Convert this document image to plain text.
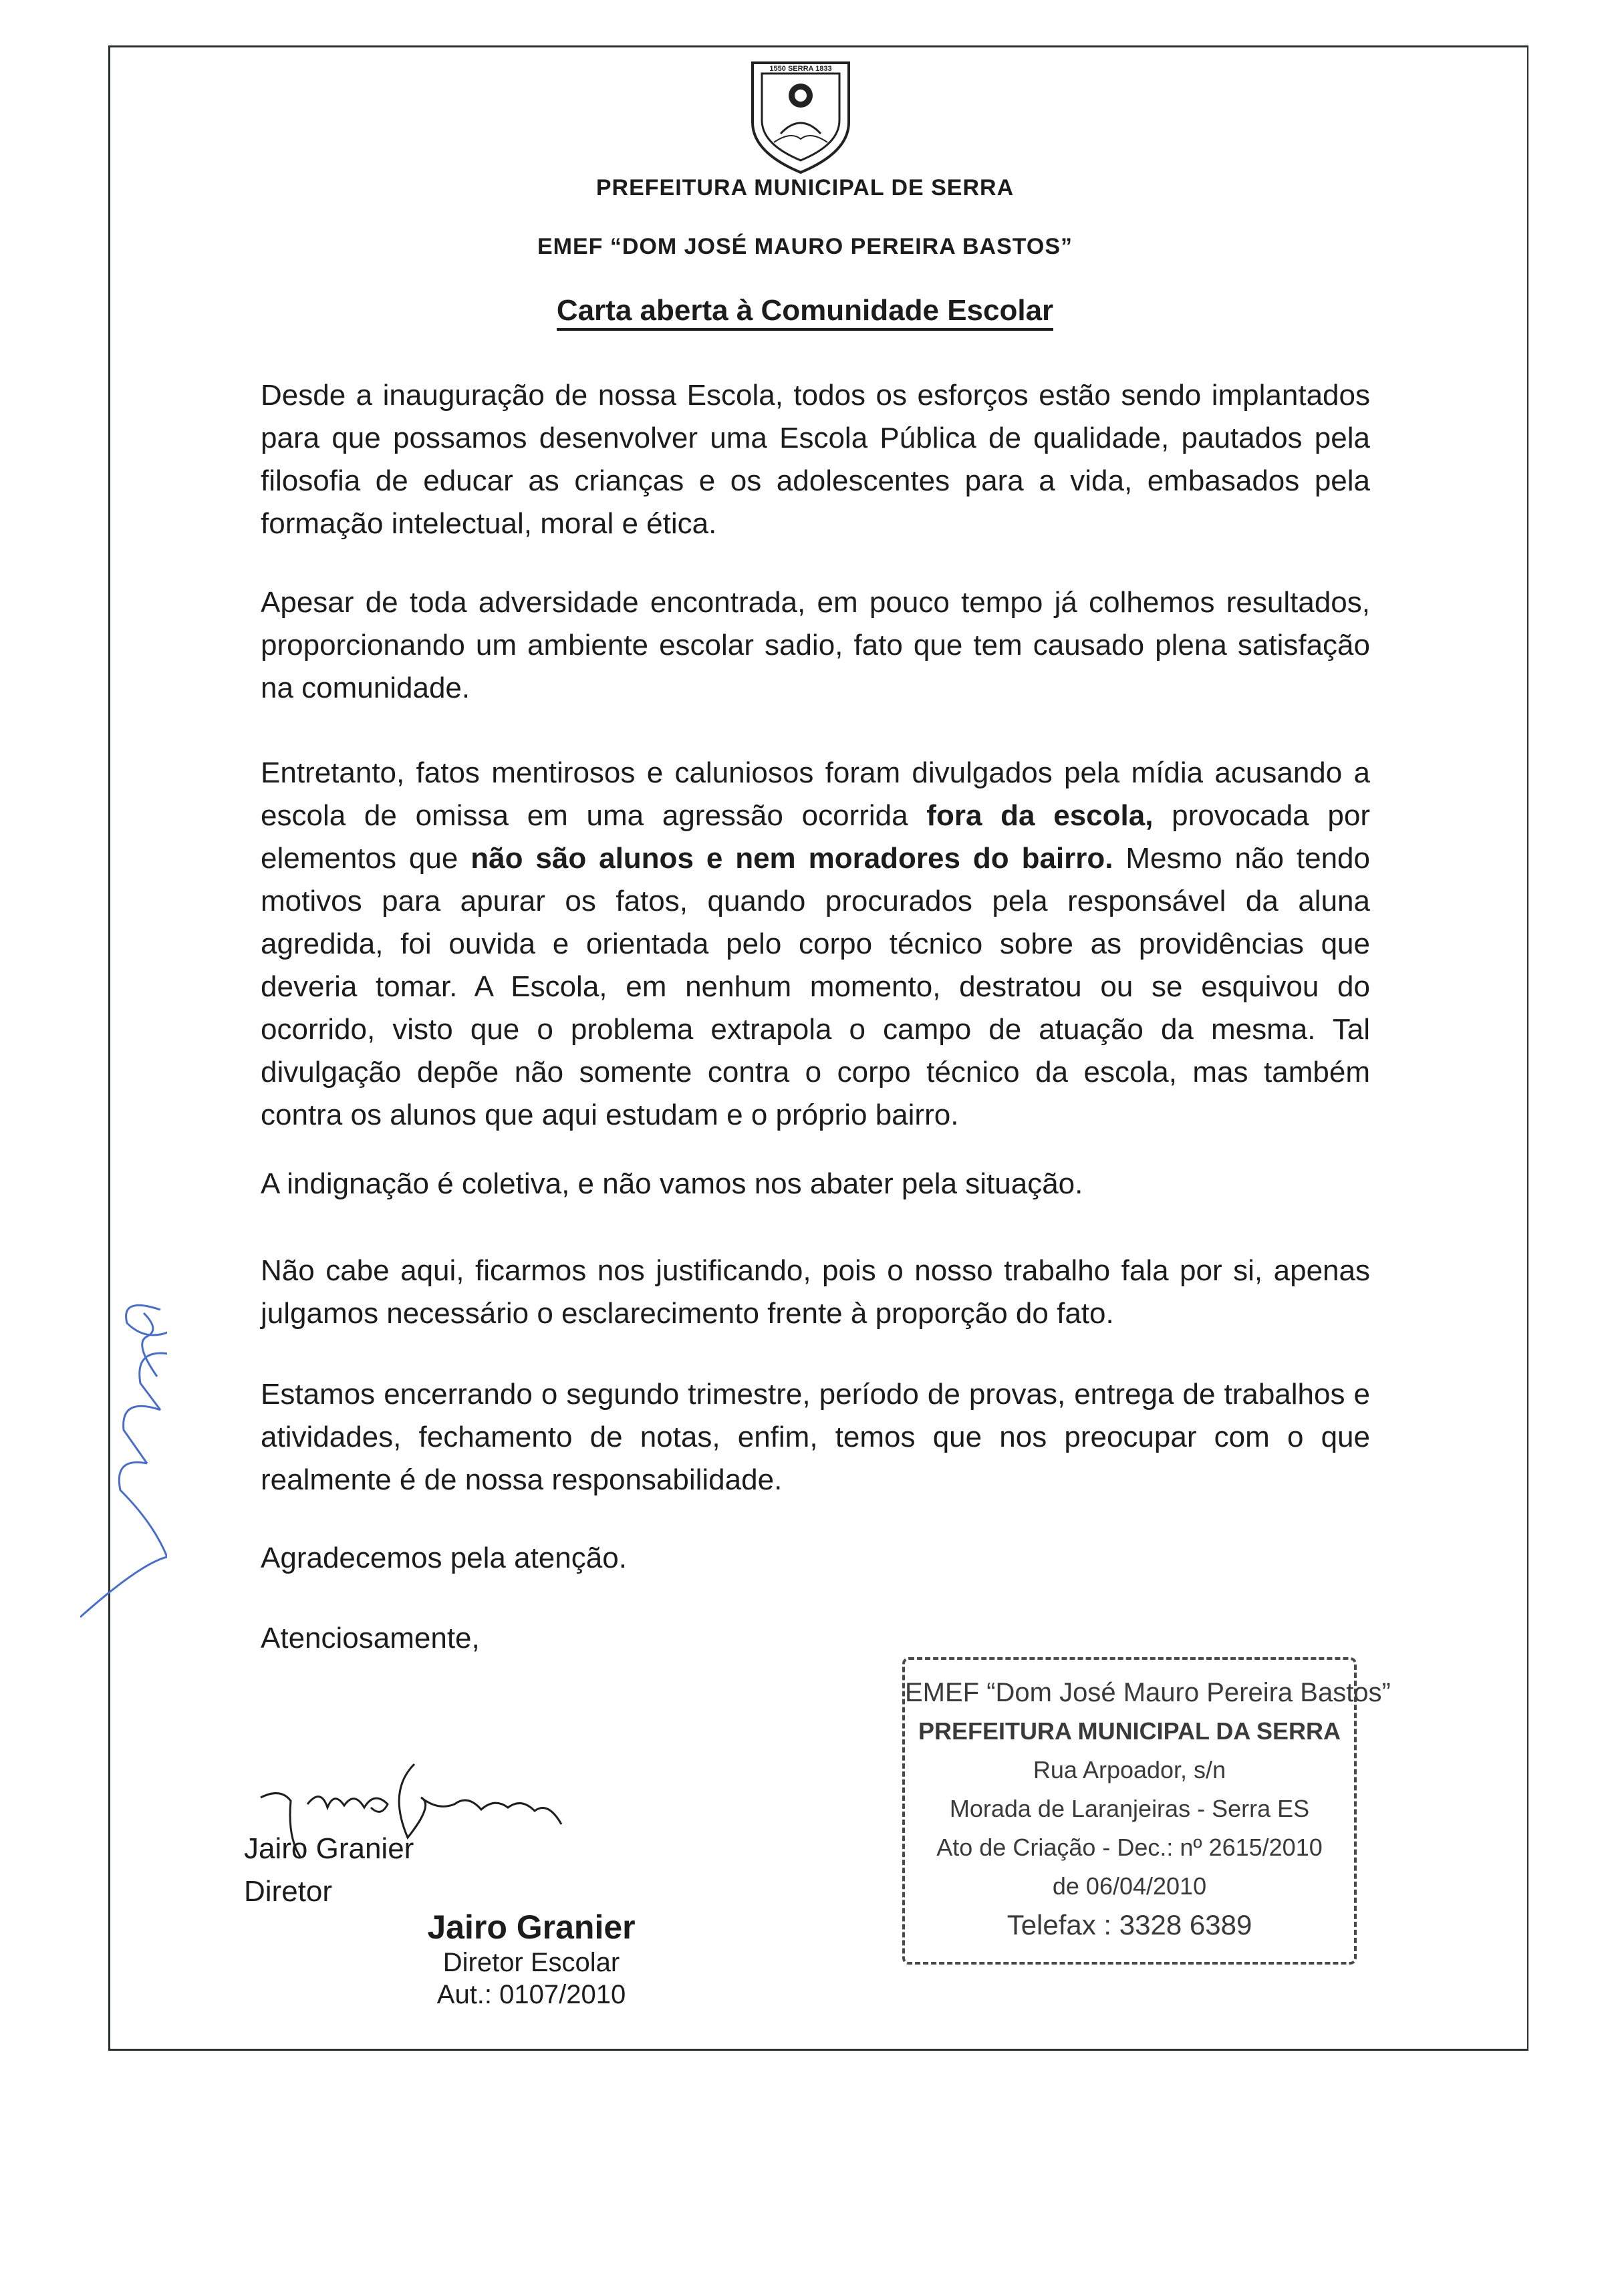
1550 SERRA 1833
PREFEITURA MUNICIPAL DE SERRA
EMEF “DOM JOSÉ MAURO PEREIRA BASTOS”
Carta aberta à Comunidade Escolar

Desde a inauguração de nossa Escola, todos os esforços estão sendo implantados para que possamos desenvolver uma Escola Pública de qualidade, pautados pela filosofia de educar as crianças e os adolescentes para a vida, embasados pela formação intelectual, moral e ética.

Apesar de toda adversidade encontrada, em pouco tempo já colhemos resultados, proporcionando um ambiente escolar sadio, fato que tem causado plena satisfação na comunidade.

Entretanto, fatos mentirosos e caluniosos foram divulgados pela mídia acusando a escola de omissa em uma agressão ocorrida fora da escola, provocada por elementos que não são alunos e nem moradores do bairro. Mesmo não tendo motivos para apurar os fatos, quando procurados pela responsável da aluna agredida, foi ouvida e orientada pelo corpo técnico sobre as providências que deveria tomar. A Escola, em nenhum momento, destratou ou se esquivou do ocorrido, visto que o problema extrapola o campo de atuação da mesma. Tal divulgação depõe não somente contra o corpo técnico da escola, mas também contra os alunos que aqui estudam e o próprio bairro.

A indignação é coletiva, e não vamos nos abater pela situação.

Não cabe aqui, ficarmos nos justificando, pois o nosso trabalho fala por si, apenas julgamos necessário o esclarecimento frente à proporção do fato.

Estamos encerrando o segundo trimestre, período de provas, entrega de trabalhos e atividades, fechamento de notas, enfim, temos que nos preocupar com o que realmente é de nossa responsabilidade.

Agradecemos pela atenção.

Atenciosamente,

Jairo Granier
Diretor
Jairo Granier
Diretor Escolar
Aut.: 0107/2010
EMEF “Dom José Mauro Pereira Bastos”
PREFEITURA MUNICIPAL DA SERRA
Rua Arpoador, s/n
Morada de Laranjeiras - Serra ES
Ato de Criação - Dec.: nº 2615/2010
de 06/04/2010
Telefax : 3328 6389
